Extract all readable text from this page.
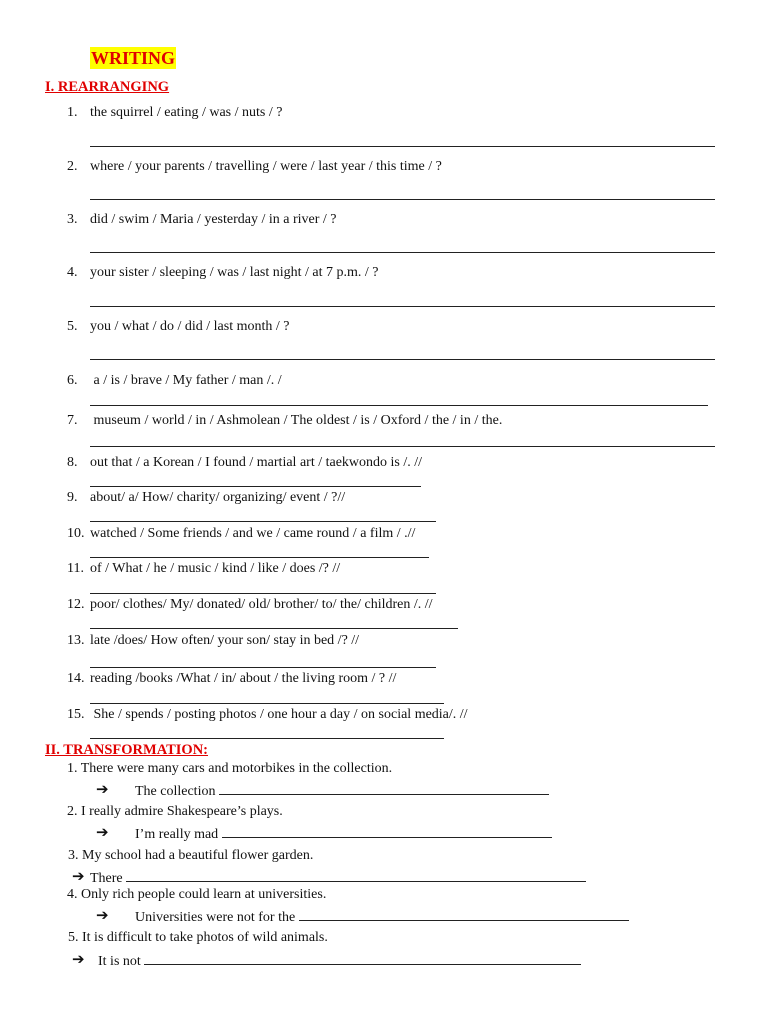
WRITING
I. REARRANGING
1. the squirrel / eating / was / nuts / ?
2. where / your parents / travelling / were / last year / this time / ?
3. did / swim / Maria / yesterday / in a river / ?
4. your sister / sleeping / was / last night / at 7 p.m. / ?
5. you / what / do / did / last month / ?
6. a / is / brave / My father / man /. /
7. museum / world / in / Ashmolean / The oldest / is / Oxford / the / in / the.
8. out that / a Korean / I found / martial art / taekwondo is /. //
9. about/ a/ How/ charity/ organizing/ event / ?//
10. watched / Some friends / and we / came round / a film / .//
11. of / What / he / music / kind / like / does /? //
12. poor/ clothes/ My/ donated/ old/ brother/ to/ the/ children /. //
13. late /does/ How often/ your son/ stay in bed /? //
14. reading /books /What / in/ about / the living room / ? //
15. She / spends / posting photos / one hour a day / on social media/. //
II. TRANSFORMATION:
1. There were many cars and motorbikes in the collection.
➔ The collection
2. I really admire Shakespeare’s plays.
➔ I’m really mad
3. My school had a beautiful flower garden.
➔ There
4. Only rich people could learn at universities.
➔ Universities were not for the
5. It is difficult to take photos of wild animals.
➔ It is not
